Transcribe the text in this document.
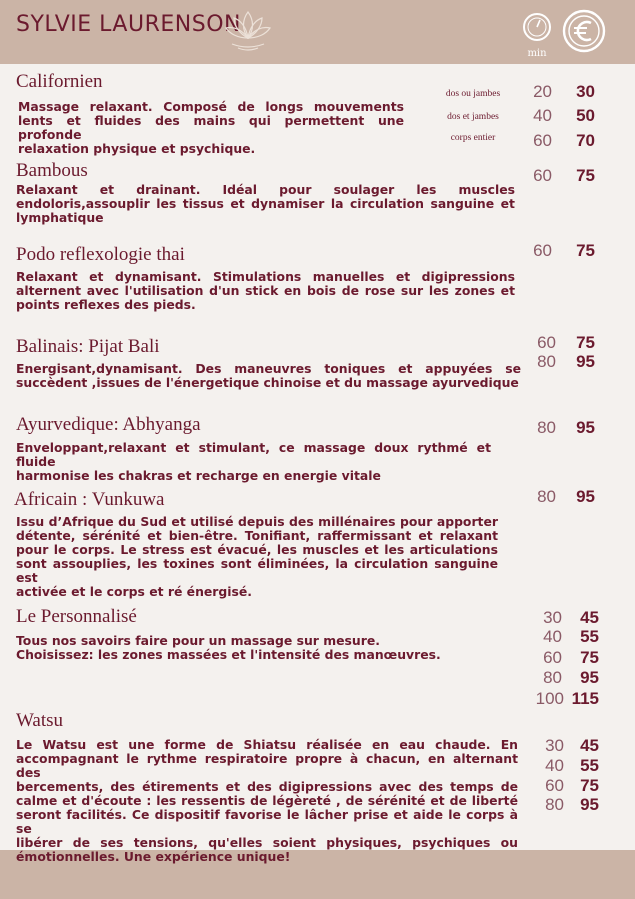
SYLVIE LAURENSON
min
Californien
Massage relaxant. Composé de longs mouvements
lents et fluides des mains qui permettent une profonde
relaxation physique et psychique.
dos ou jambes
dos et jambes
corps entier
20	30
40	50
60	70
Bambous
Relaxant et drainant. Idéal pour soulager les muscles
endoloris,assouplir les tissus et dynamiser la circulation sanguine et
lymphatique
60	75
Podo reflexologie thai
Relaxant et dynamisant. Stimulations manuelles et digipressions
alternent avec l'utilisation d'un stick en bois de rose sur les zones et
points reflexes des pieds.
60	75
Balinais: Pijat Bali
Energisant,dynamisant. Des maneuvres toniques et appuyées se
succèdent ,issues de l'énergetique chinoise et du massage ayurvedique
60	75
80	95
Ayurvedique: Abhyanga
Enveloppant,relaxant et stimulant, ce massage doux rythmé et fluide
harmonise les chakras et recharge en energie vitale
80	95
Africain : Vunkuwa
Issu d’Afrique du Sud et utilisé depuis des millénaires pour apporter
détente, sérénité et bien-être. Tonifiant, raffermissant et relaxant
pour le corps. Le stress est évacué, les muscles et les articulations
sont assouplies, les toxines sont éliminées, la circulation sanguine est
activée et le corps et ré énergisé.
80	95
Le Personnalisé
Tous nos savoirs faire pour un massage sur mesure.
Choisissez: les zones massées et l'intensité des manœuvres.
30	45
40	55
60	75
80	95
100 115
Watsu
Le Watsu est une forme de Shiatsu réalisée en eau chaude. En
accompagnant le rythme respiratoire propre à chacun, en alternant des
bercements, des étirements et des digipressions avec des temps de
calme et d'écoute : les ressentis de légèreté , de sérénité et de liberté
seront facilités. Ce dispositif favorise le lâcher prise et aide le corps à se
libérer de ses tensions, qu'elles soient physiques, psychiques ou
émotionnelles. Une expérience unique!
30 45
40 55
60 75
80 95
